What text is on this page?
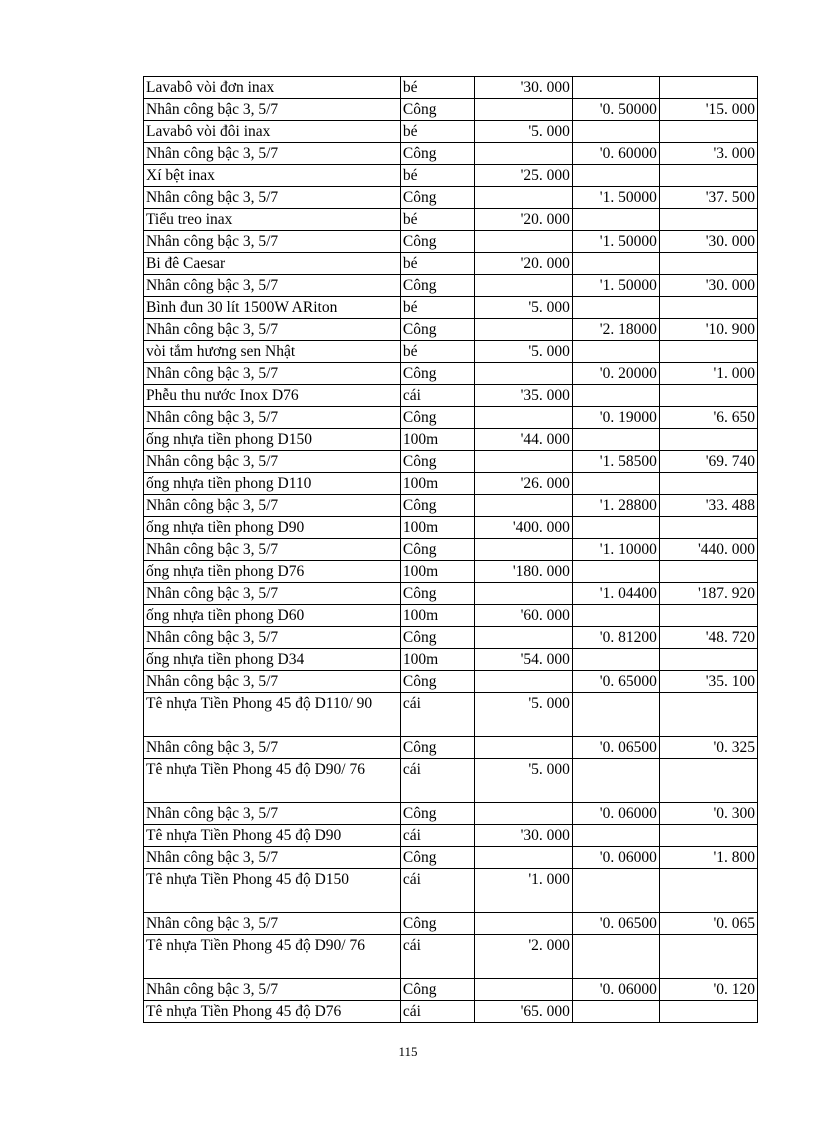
Lavabô vòi đơn inax	bé	'30. 000		
Nhân công bậc 3, 5/7	Công		'0. 50000	'15. 000
Lavabô vòi đôi inax	bé	'5. 000		
Nhân công bậc 3, 5/7	Công		'0. 60000	'3. 000
Xí bệt inax	bé	'25. 000		
Nhân công bậc 3, 5/7	Công		'1. 50000	'37. 500
Tiểu treo inax	bé	'20. 000		
Nhân công bậc 3, 5/7	Công		'1. 50000	'30. 000
Bi đê Caesar	bé	'20. 000		
Nhân công bậc 3, 5/7	Công		'1. 50000	'30. 000
Bình đun 30 lít 1500W ARiton	bé	'5. 000		
Nhân công bậc 3, 5/7	Công		'2. 18000	'10. 900
vòi tắm hương sen Nhật	bé	'5. 000		
Nhân công bậc 3, 5/7	Công		'0. 20000	'1. 000
Phễu thu nước Inox D76	cái	'35. 000		
Nhân công bậc 3, 5/7	Công		'0. 19000	'6. 650
ống nhựa tiền phong D150	100m	'44. 000		
Nhân công bậc 3, 5/7	Công		'1. 58500	'69. 740
ống nhựa tiền phong D110	100m	'26. 000		
Nhân công bậc 3, 5/7	Công		'1. 28800	'33. 488
ống nhựa tiền phong D90	100m	'400. 000		
Nhân công bậc 3, 5/7	Công		'1. 10000	'440. 000
ống nhựa tiền phong D76	100m	'180. 000		
Nhân công bậc 3, 5/7	Công		'1. 04400	'187. 920
ống nhựa tiền phong D60	100m	'60. 000		
Nhân công bậc 3, 5/7	Công		'0. 81200	'48. 720
ống nhựa tiền phong D34	100m	'54. 000		
Nhân công bậc 3, 5/7	Công		'0. 65000	'35. 100
Tê nhựa Tiền Phong 45 độ D110/ 90	cái	'5. 000		
Nhân công bậc 3, 5/7	Công		'0. 06500	'0. 325
Tê nhựa Tiền Phong 45 độ D90/ 76	cái	'5. 000		
Nhân công bậc 3, 5/7	Công		'0. 06000	'0. 300
Tê nhựa Tiền Phong 45 độ D90	cái	'30. 000		
Nhân công bậc 3, 5/7	Công		'0. 06000	'1. 800
Tê nhựa Tiền Phong 45 độ D150	cái	'1. 000		
Nhân công bậc 3, 5/7	Công		'0. 06500	'0. 065
Tê nhựa Tiền Phong 45 độ D90/ 76	cái	'2. 000		
Nhân công bậc 3, 5/7	Công		'0. 06000	'0. 120
Tê nhựa Tiền Phong 45 độ D76	cái	'65. 000		
115
